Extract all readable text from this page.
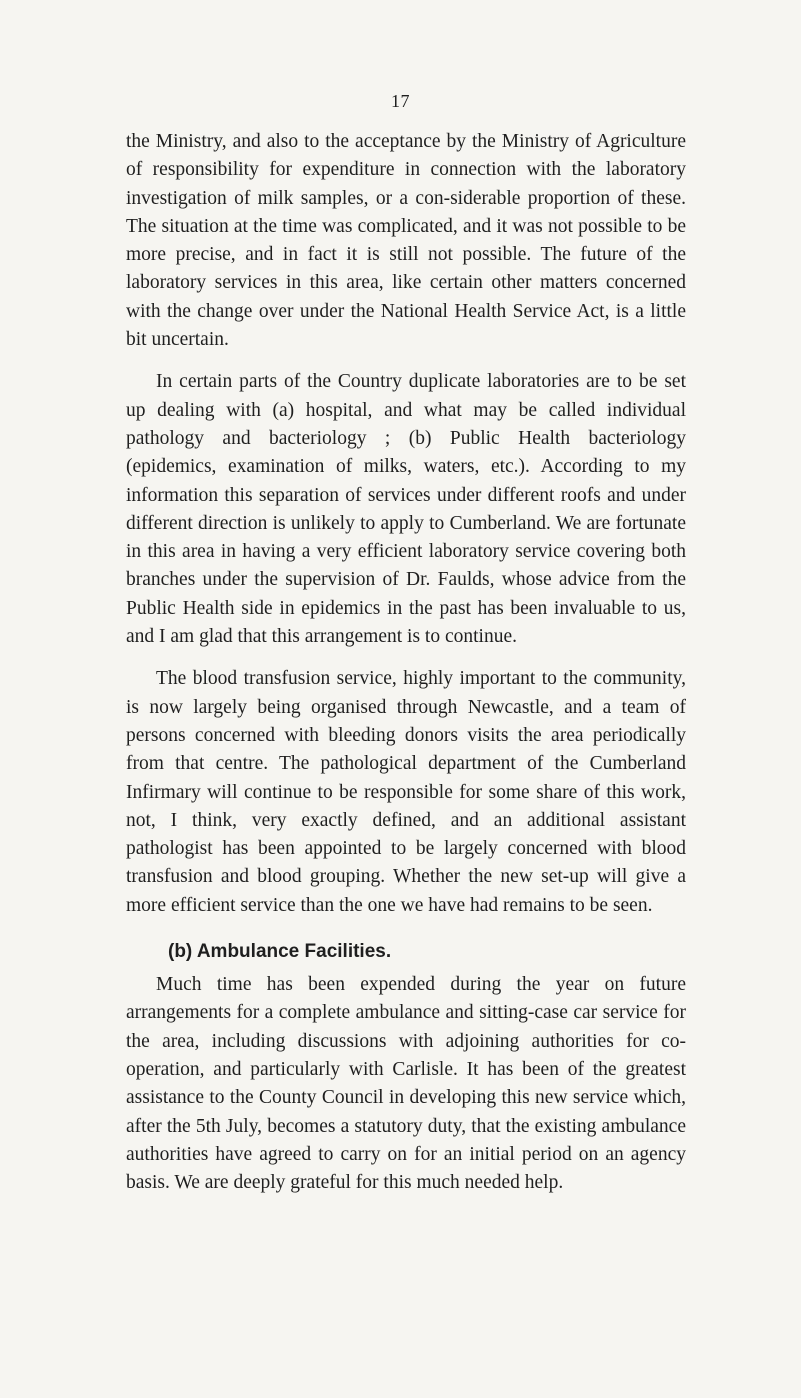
17

the Ministry, and also to the acceptance by the Ministry of Agriculture of responsibility for expenditure in connection with the laboratory investigation of milk samples, or a con-siderable proportion of these. The situation at the time was complicated, and it was not possible to be more precise, and in fact it is still not possible. The future of the laboratory services in this area, like certain other matters concerned with the change over under the National Health Service Act, is a little bit uncertain.

In certain parts of the Country duplicate laboratories are to be set up dealing with (a) hospital, and what may be called individual pathology and bacteriology ; (b) Public Health bacteriology (epidemics, examination of milks, waters, etc.). According to my information this separation of services under different roofs and under different direction is unlikely to apply to Cumberland. We are fortunate in this area in having a very efficient laboratory service covering both branches under the supervision of Dr. Faulds, whose advice from the Public Health side in epidemics in the past has been invaluable to us, and I am glad that this arrangement is to continue.

The blood transfusion service, highly important to the community, is now largely being organised through Newcastle, and a team of persons concerned with bleeding donors visits the area periodically from that centre. The pathological department of the Cumberland Infirmary will continue to be responsible for some share of this work, not, I think, very exactly defined, and an additional assistant pathologist has been appointed to be largely concerned with blood transfusion and blood grouping. Whether the new set-up will give a more efficient service than the one we have had remains to be seen.

(b) Ambulance Facilities.

Much time has been expended during the year on future arrangements for a complete ambulance and sitting-case car service for the area, including discussions with adjoining authorities for co-operation, and particularly with Carlisle. It has been of the greatest assistance to the County Council in developing this new service which, after the 5th July, becomes a statutory duty, that the existing ambulance authorities have agreed to carry on for an initial period on an agency basis. We are deeply grateful for this much needed help.
